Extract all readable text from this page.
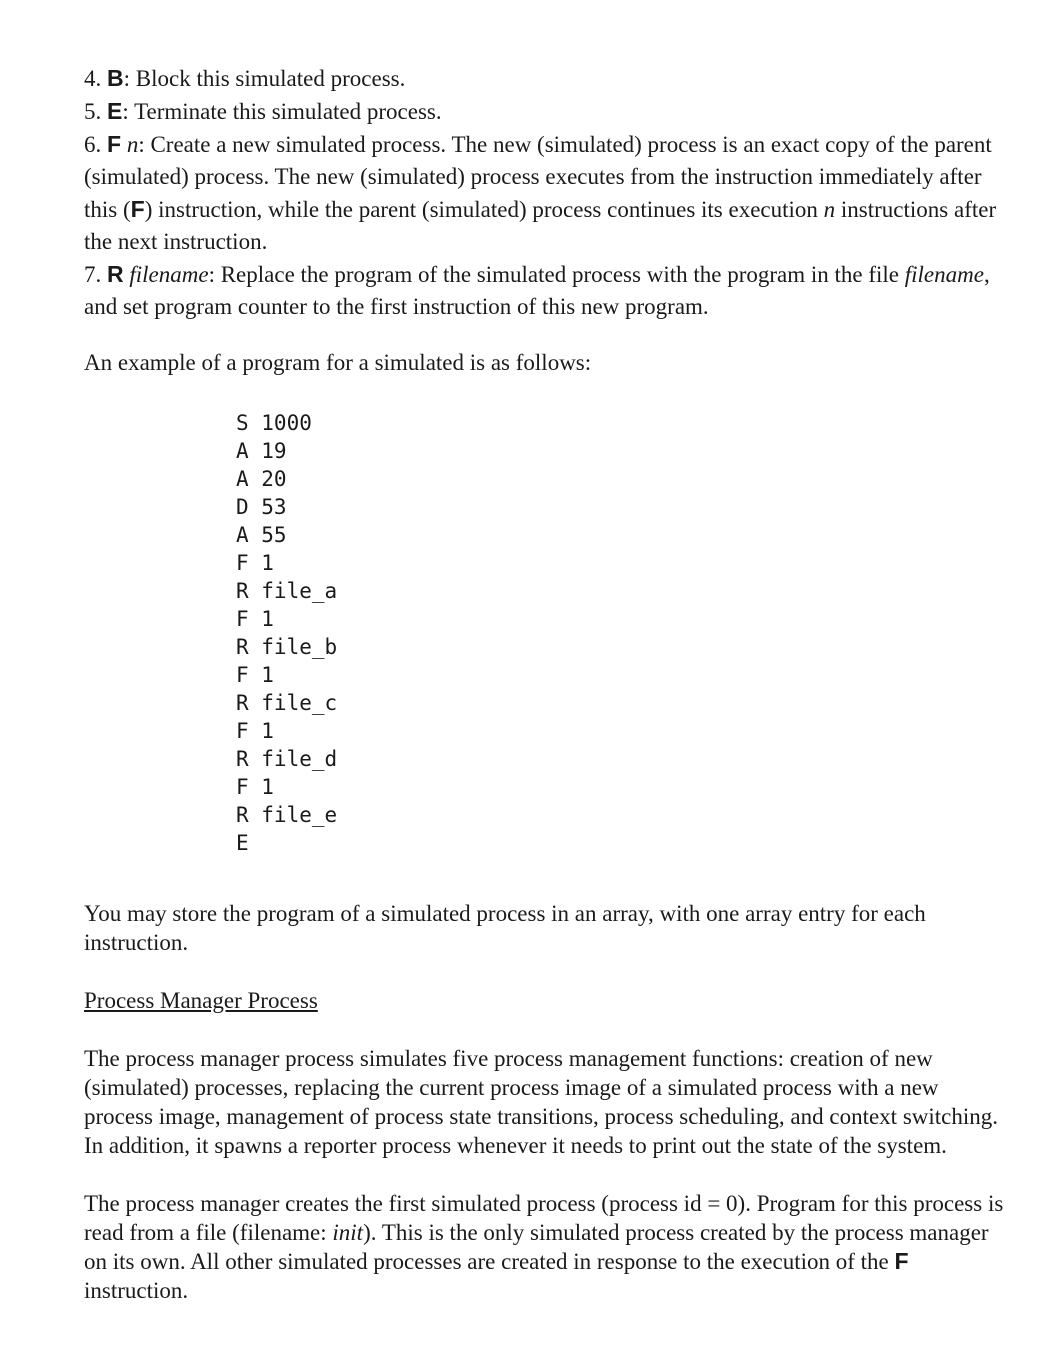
4. B: Block this simulated process.

5. E: Terminate this simulated process.

6. F n: Create a new simulated process. The new (simulated) process is an exact copy of the parent (simulated) process. The new (simulated) process executes from the instruction immediately after this (F) instruction, while the parent (simulated) process continues its execution n instructions after the next instruction.

7. R filename: Replace the program of the simulated process with the program in the file filename, and set program counter to the first instruction of this new program.

An example of a program for a simulated is as follows:

S 1000
A 19
A 20
D 53
A 55
F 1
R file_a
F 1
R file_b
F 1
R file_c
F 1
R file_d
F 1
R file_e
E

You may store the program of a simulated process in an array, with one array entry for each instruction.

Process Manager Process

The process manager process simulates five process management functions: creation of new (simulated) processes, replacing the current process image of a simulated process with a new process image, management of process state transitions, process scheduling, and context switching. In addition, it spawns a reporter process whenever it needs to print out the state of the system.

The process manager creates the first simulated process (process id = 0). Program for this process is read from a file (filename: init). This is the only simulated process created by the process manager on its own. All other simulated processes are created in response to the execution of the F instruction.
